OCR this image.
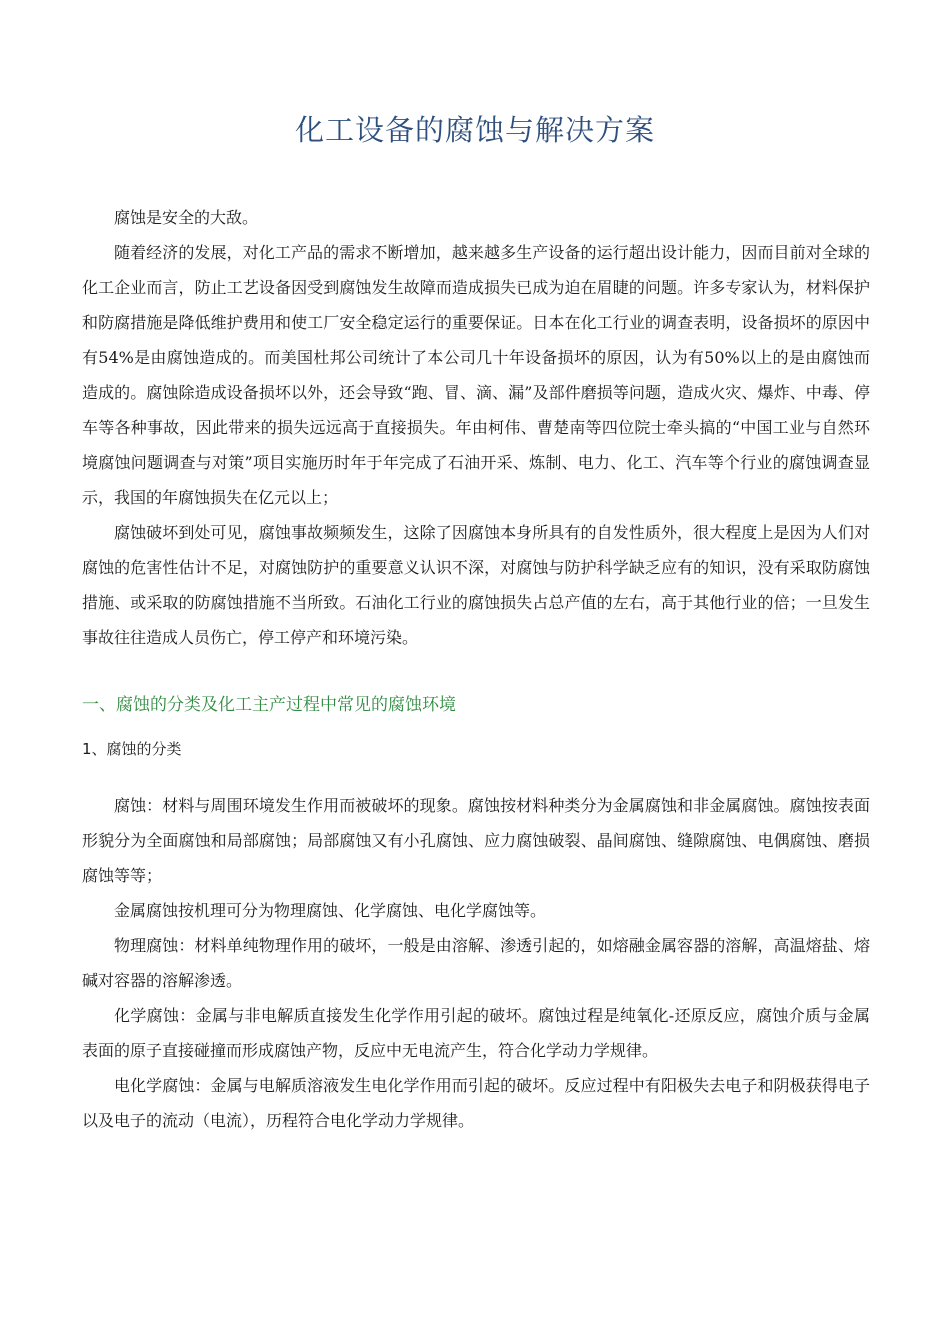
化工设备的腐蚀与解决方案

腐蚀是安全的大敌。

随着经济的发展，对化工产品的需求不断增加，越来越多生产设备的运行超出设计能力，因而目前对全球的化工企业而言，防止工艺设备因受到腐蚀发生故障而造成损失已成为迫在眉睫的问题。许多专家认为，材料保护和防腐措施是降低维护费用和使工厂安全稳定运行的重要保证。日本在化工行业的调查表明，设备损坏的原因中有54%是由腐蚀造成的。而美国杜邦公司统计了本公司几十年设备损坏的原因，认为有50%以上的是由腐蚀而造成的。腐蚀除造成设备损坏以外，还会导致“跑、冒、滴、漏”及部件磨损等问题，造成火灾、爆炸、中毒、停车等各种事故，因此带来的损失远远高于直接损失。年由柯伟、曹楚南等四位院士牵头搞的“中国工业与自然环境腐蚀问题调查与对策”项目实施历时年于年完成了石油开采、炼制、电力、化工、汽车等个行业的腐蚀调查显示，我国的年腐蚀损失在亿元以上；

腐蚀破坏到处可见，腐蚀事故频频发生，这除了因腐蚀本身所具有的自发性质外，很大程度上是因为人们对腐蚀的危害性估计不足，对腐蚀防护的重要意义认识不深，对腐蚀与防护科学缺乏应有的知识，没有采取防腐蚀措施、或采取的防腐蚀措施不当所致。石油化工行业的腐蚀损失占总产值的左右，高于其他行业的倍；一旦发生事故往往造成人员伤亡，停工停产和环境污染。

一、腐蚀的分类及化工主产过程中常见的腐蚀环境
1、腐蚀的分类

腐蚀：材料与周围环境发生作用而被破坏的现象。腐蚀按材料种类分为金属腐蚀和非金属腐蚀。腐蚀按表面形貌分为全面腐蚀和局部腐蚀；局部腐蚀又有小孔腐蚀、应力腐蚀破裂、晶间腐蚀、缝隙腐蚀、电偶腐蚀、磨损腐蚀等等；

金属腐蚀按机理可分为物理腐蚀、化学腐蚀、电化学腐蚀等。

物理腐蚀：材料单纯物理作用的破坏，一般是由溶解、渗透引起的，如熔融金属容器的溶解，高温熔盐、熔碱对容器的溶解渗透。

化学腐蚀：金属与非电解质直接发生化学作用引起的破坏。腐蚀过程是纯氧化-还原反应，腐蚀介质与金属表面的原子直接碰撞而形成腐蚀产物，反应中无电流产生，符合化学动力学规律。

电化学腐蚀：金属与电解质溶液发生电化学作用而引起的破坏。反应过程中有阳极失去电子和阴极获得电子以及电子的流动（电流），历程符合电化学动力学规律。
